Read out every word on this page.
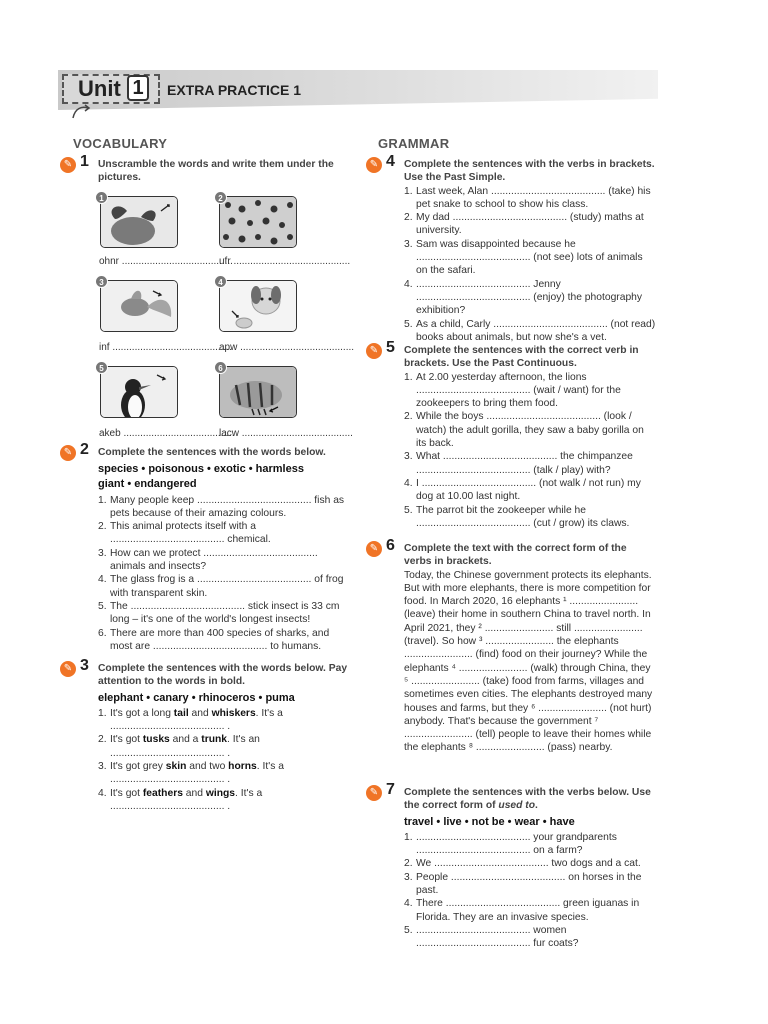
Unit 1	EXTRA PRACTICE 1
VOCABULARY	GRAMMAR
✎ 1 Unscramble the words and write them under the pictures.
1	2
ohnr ........................................
ufr ..........................................
3	4
inf ...........................................
apw .........................................
5	6
akeb ........................................
lacw ........................................
✎ 2 Complete the sentences with the words below.
species • poisonous • exotic • harmless
giant • endangered
1. Many people keep ........................................ fish as pets because of their amazing colours.
2. This animal protects itself with a ........................................ chemical.
3. How can we protect ........................................ animals and insects?
4. The glass frog is a ........................................ of frog with transparent skin.
5. The ........................................ stick insect is 33 cm long – it's one of the world's longest insects!
6. There are more than 400 species of sharks, and most are ........................................ to humans.
✎ 3 Complete the sentences with the words below. Pay attention to the words in bold.
elephant • canary • rhinoceros • puma
1. It's got a long tail and whiskers. It's a ........................................ .
2. It's got tusks and a trunk. It's an ........................................ .
3. It's got grey skin and two horns. It's a ........................................ .
4. It's got feathers and wings. It's a ........................................ .
✎ 4 Complete the sentences with the verbs in brackets. Use the Past Simple.
1. Last week, Alan ........................................ (take) his pet snake to school to show his class.
2. My dad ........................................ (study) maths at university.
3. Sam was disappointed because he ........................................ (not see) lots of animals on the safari.
4. ........................................ Jenny ........................................ (enjoy) the photography exhibition?
5. As a child, Carly ........................................ (not read) books about animals, but now she's a vet.
✎ 5 Complete the sentences with the correct verb in brackets. Use the Past Continuous.
1. At 2.00 yesterday afternoon, the lions ........................................ (wait / want) for the zookeepers to bring them food.
2. While the boys ........................................ (look / watch) the adult gorilla, they saw a baby gorilla on its back.
3. What ........................................ the chimpanzee ........................................ (talk / play) with?
4. I ........................................ (not walk / not run) my dog at 10.00 last night.
5. The parrot bit the zookeeper while he ........................................ (cut / grow) its claws.
✎ 6 Complete the text with the correct form of the verbs in brackets.
Today, the Chinese government protects its elephants. But with more elephants, there is more competition for food. In March 2020, 16 elephants ¹ ........................ (leave) their home in southern China to travel north. In April 2021, they ² ........................ still ........................ (travel). So how ³ ........................ the elephants ........................ (find) food on their journey? While the elephants ⁴ ........................ (walk) through China, they ⁵ ........................ (take) food from farms, villages and sometimes even cities. The elephants destroyed many houses and farms, but they ⁶ ........................ (not hurt) anybody. That's because the government ⁷ ........................ (tell) people to leave their homes while the elephants ⁸ ........................ (pass) nearby.
✎ 7 Complete the sentences with the verbs below. Use the correct form of used to.
travel • live • not be • wear • have
1. ........................................ your grandparents ........................................ on a farm?
2. We ........................................ two dogs and a cat.
3. People ........................................ on horses in the past.
4. There ........................................ green iguanas in Florida. They are an invasive species.
5. ........................................ women ........................................ fur coats?
